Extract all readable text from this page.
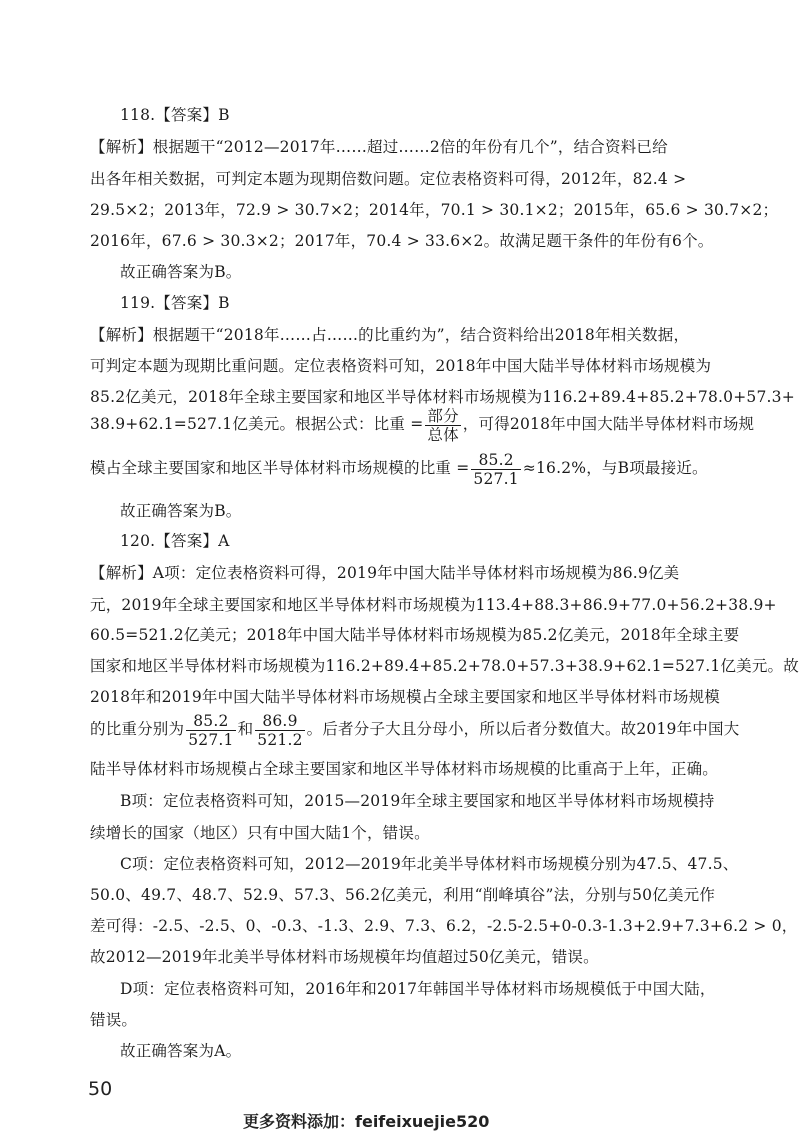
118.【答案】B
【解析】根据题干“2012—2017年……超过……2倍的年份有几个”，结合资料已给
出各年相关数据，可判定本题为现期倍数问题。定位表格资料可得，2012年，82.4 >
29.5×2；2013年，72.9 > 30.7×2；2014年，70.1 > 30.1×2；2015年，65.6 > 30.7×2；
2016年，67.6 > 30.3×2；2017年，70.4 > 33.6×2。故满足题干条件的年份有6个。
故正确答案为B。
119.【答案】B
【解析】根据题干“2018年……占……的比重约为”，结合资料给出2018年相关数据，
可判定本题为现期比重问题。定位表格资料可知，2018年中国大陆半导体材料市场规模为
85.2亿美元，2018年全球主要国家和地区半导体材料市场规模为116.2+89.4+85.2+78.0+57.3+
38.9+62.1=527.1亿美元。根据公式：比重 = $\frac{\text{部分}}{\text{总体}}$ ，可得2018年中国大陆半导体材料市场规
模占全球主要国家和地区半导体材料市场规模的比重 = $\frac{85.2}{527.1} \approx 16.2\%$，与B项最接近。
故正确答案为B。
120.【答案】A
【解析】A项：定位表格资料可得，2019年中国大陆半导体材料市场规模为86.9亿美
元，2019年全球主要国家和地区半导体材料市场规模为113.4+88.3+86.9+77.0+56.2+38.9+
60.5=521.2亿美元；2018年中国大陆半导体材料市场规模为85.2亿美元，2018年全球主要
国家和地区半导体材料市场规模为116.2+89.4+85.2+78.0+57.3+38.9+62.1=527.1亿美元。故
2018年和2019年中国大陆半导体材料市场规模占全球主要国家和地区半导体材料市场规模
的比重分别为 $\frac{85.2}{527.1}$ 和 $\frac{86.9}{521.2}$ 。后者分子大且分母小，所以后者分数值大。故2019年中国大
陆半导体材料市场规模占全球主要国家和地区半导体材料市场规模的比重高于上年，正确。
B项：定位表格资料可知，2015—2019年全球主要国家和地区半导体材料市场规模持
续增长的国家（地区）只有中国大陆1个，错误。
C项：定位表格资料可知，2012—2019年北美半导体材料市场规模分别为47.5、47.5、
50.0、49.7、48.7、52.9、57.3、56.2亿美元，利用“削峰填谷”法，分别与50亿美元作
差可得：-2.5、-2.5、0、-0.3、-1.3、2.9、7.3、6.2，-2.5-2.5+0-0.3-1.3+2.9+7.3+6.2 > 0，
故2012—2019年北美半导体材料市场规模年均值超过50亿美元，错误。
D项：定位表格资料可知，2016年和2017年韩国半导体材料市场规模低于中国大陆，
错误。
故正确答案为A。
50
更多资料添加：feifeixuejie520
